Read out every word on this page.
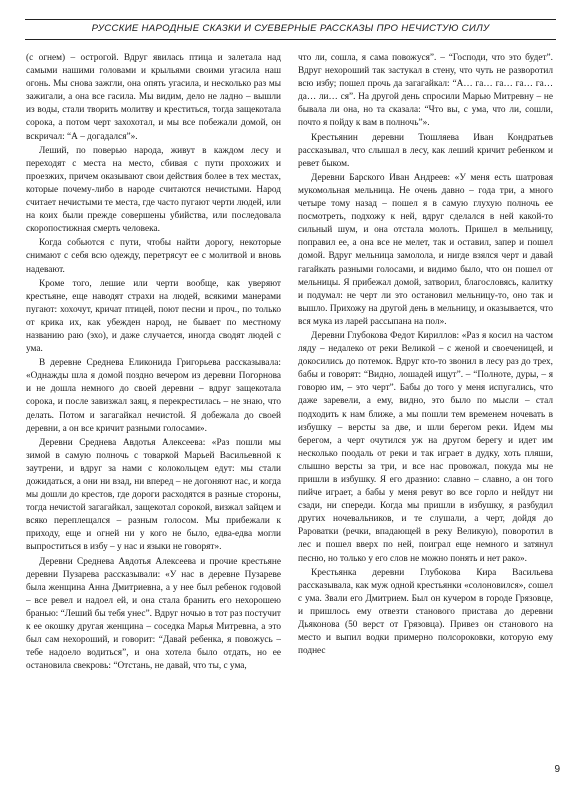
РУССКИЕ НАРОДНЫЕ СКАЗКИ И СУЕВЕРНЫЕ РАССКАЗЫ ПРО НЕЧИСТУЮ СИЛУ

(с огнем) – острогой. Вдруг явилась птица и залетала над самыми нашими головами и крыльями своими угасила наш огонь. Мы снова зажгли, она опять угасила, и несколько раз мы зажигали, а она все гасила. Мы видим, дело не ладно – вышли из воды, стали творить молитву и креститься, тогда защекотала сорока, а потом черт захохотал, и мы все побежали домой, он вскричал: “А – догадался”».

Леший, по поверью народа, живут в каждом лесу и переходят с места на место, сбивая с пути прохожих и проезжих, причем оказывают свои действия более в тех местах, которые почему-либо в народе считаются нечистыми. Народ считает нечистыми те места, где часто пугают черти людей, или на коих были прежде совершены убийства, или последовала скоропостижная смерть человека.

Когда собьются с пути, чтобы найти дорогу, некоторые снимают с себя всю одежду, перетрясут ее с молитвой и вновь надевают.

Кроме того, лешие или черти вообще, как уверяют крестьяне, еще наводят страхи на людей, всякими манерами пугают: хохочут, кричат птицей, поют песни и проч., по только от крика их, как убежден народ, не бывает по местному названию раю (эхо), и даже случается, иногда сводят людей с ума.

В деревне Среднева Еликонида Григорьева рассказывала: «Однажды шла я домой поздно вечером из деревни Погорнова и не дошла немного до своей деревни – вдруг защекотала сорока, и после завизжал заяц, я перекрестилась – не знаю, что делать. Потом и загагайкал нечистой. Я добежала до своей деревни, а он все кричит разными голосами».

Деревни Среднева Авдотья Алексеева: «Раз пошли мы зимой в самую полночь с товаркой Марьей Васильевной к заутрени, и вдруг за нами с колокольцем едут: мы стали дожидаться, а они ни взад, ни вперед – не догоняют нас, и когда мы дошли до крестов, где дороги расходятся в разные стороны, тогда нечистой загагайкал, защекотал сорокой, визжал зайцем и всяко переплещался – разным голосом. Мы прибежали к приходу, еще и огней ни у кого не было, едва-едва могли выпроститься в избу – у нас и языки не говорят».

Деревни Среднева Авдотья Алексеева и прочие крестьяне деревни Пузарева рассказывали: «У нас в деревне Пузареве была женщина Анна Дмитриевна, а у нее был ребенок годовой – все ревел и надоел ей, и она стала бранить его нехорошею бранью: “Леший бы тебя унес”. Вдруг ночью в тот раз постучит к ее окошку другая женщина – соседка Марья Митревна, а это был сам нехороший, и говорит: “Давай ребенка, я повожусь – тебе надоело водиться”, и она хотела было отдать, но ее остановила свекровь: “Отстань, не давай, что ты, с ума,

что ли, сошла, я сама повожуся”. – “Господи, что это будет”. Вдруг нехороший так застукал в стену, что чуть не разворотил всю избу; пошел прочь да загагайкал: “А… га… га… га… га… да… ли… ся”. На другой день спросили Марью Митревну – не бывала ли она, но та сказала: “Что вы, с ума, что ли, сошли, почто я пойду к вам в полночь”».

Крестьянин деревни Тюшляева Иван Кондратьев рассказывал, что слышал в лесу, как леший кричит ребенком и ревет быком.

Деревни Барского Иван Андреев: «У меня есть шатровая мукомольная мельница. Не очень давно – года три, а много четыре тому назад – пошел я в самую глухую полночь ее посмотреть, подхожу к ней, вдруг сделался в ней какой-то сильный шум, и она отстала молоть. Пришел в мельницу, поправил ее, а она все не мелет, так и оставил, запер и пошел домой. Вдруг мельница замолола, и нигде взялся черт и давай гагайкать разными голосами, и видимо было, что он пошел от мельницы. Я прибежал домой, затворил, благословясь, калитку и подумал: не черт ли это остановил мельницу-то, оно так и вышло. Прихожу на другой день в мельницу, и оказывается, что вся мука из ларей рассыпана на пол».

Деревни Глубокова Федот Кириллов: «Раз я косил на частом ляду – недалеко от реки Великой – с женой и своеченицей, и докосились до потемок. Вдруг кто-то звонил в лесу раз до трех, бабы и говорят: “Видно, лошадей ищут”. – “Полноте, дуры, – я говорю им, – это черт”. Бабы до того у меня испугались, что даже заревели, а ему, видно, это было по мысли – стал подходить к нам ближе, а мы пошли тем временем ночевать в избушку – версты за две, и шли берегом реки. Идем мы берегом, а черт очутился уж на другом берегу и идет им несколько поодаль от реки и так играет в дудку, хоть пляши, слышно версты за три, и все нас провожал, покуда мы не пришли в избушку. Я его дразнио: славно – славно, а он того пийче играет, а бабы у меня ревут во все горло и нейдут ни сзади, ни спереди. Когда мы пришли в избушку, я разбудил других ночевальников, и те слушали, а черт, дойдя до Рароватки (речки, впадающей в реку Великую), поворотил в лес и пошел вверх по ней, поиграл еще немного и затянул песню, но только у его слов не можно понять и нет рако».

Крестьянка деревни Глубокова Кира Васильева рассказывала, как муж одной крестьянки «солоновился», сошел с ума. Звали его Дмитрием. Был он кучером в городе Грязовце, и пришлось ему отвезти станового пристава до деревни Дьяконова (50 верст от Грязовца). Привез он станового на место и выпил водки примерно полсороковки, которую ему поднес

9
